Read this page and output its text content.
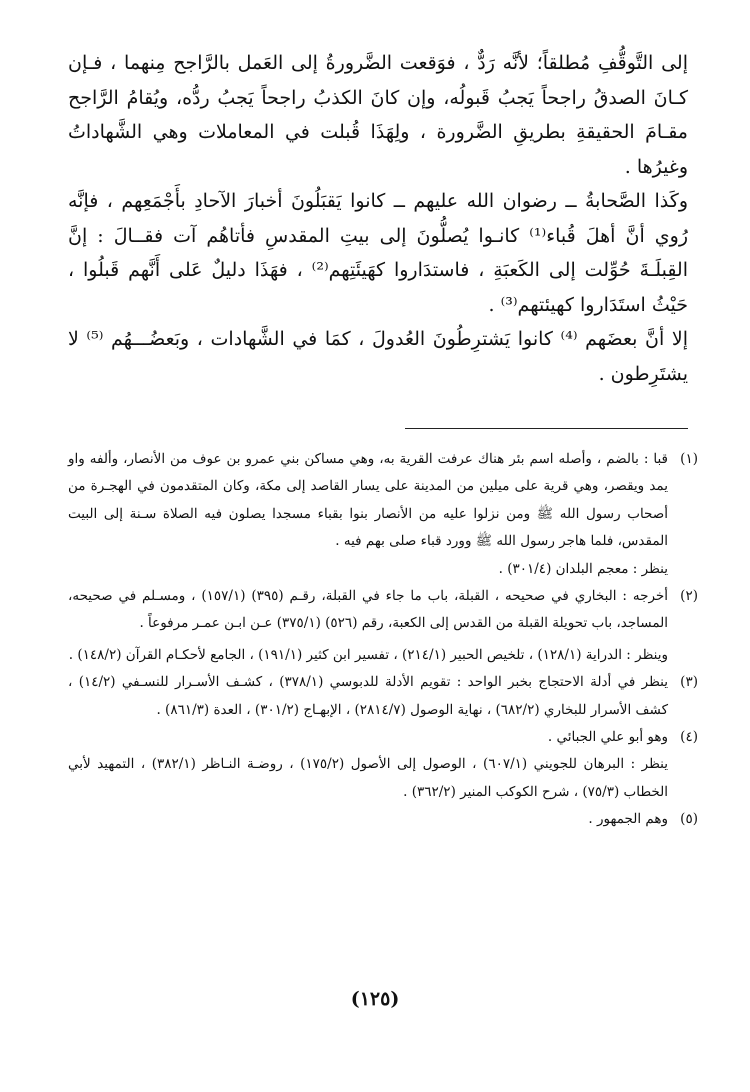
إلى التَّوقُّفِ مُطلقاً؛ لأنَّه رَدٌّ ، فوَقعت الضَّرورةُ إلى العَمل بالرَّاجح مِنهما ، فـإن كـانَ الصدقُ راجحاً يَجبُ قَبولُه، وإن كانَ الكذبُ راجحاً يَجبُ ردُّه، ويُقامُ الرَّاجح مقـامَ الحقيقةِ بطريقِ الضَّرورة ، ولِهَذَا قُبلت في المعاملات وهي الشَّهاداتُ وغيرُها .

وكَذا الصَّحابةُ ــ رضوان الله عليهم ــ كانوا يَقبَلُونَ أخبارَ الآحادِ بأَجْمَعِهم ، فإنَّه رُوي أنَّ أهلَ قُباء⁽¹⁾ كانـوا يُصلُّونَ إلى بيتِ المقدسِ فأتاهُم آت فقــالَ : إنَّ القِبلَـةَ حُوِّلت إلى الكَعبَةِ ، فاستدَاروا كهَيئَتِهم⁽²⁾ ، فهَذَا دليلٌ عَلى أَنَّهم قَبلُوا ، حَيْثُ استَدَاروا كهيئتهم⁽³⁾ .

إلا أنَّ بعضَهم ⁽⁴⁾ كانوا يَشترِطُونَ العُدولَ ، كمَا في الشَّهادات ، وبَعضُـــهُم ⁽⁵⁾ لا يشتَرِطون .

(١)

قبا : بالضم ، وأصله اسم بئر هناك عرفت القرية به، وهي مساكن بني عمرو بن عوف من الأنصار، وألفه واو يمد ويقصر، وهي قرية على ميلين من المدينة على يسار القاصد إلى مكة، وكان المتقدمون في الهجـرة من أصحاب رسول الله ﷺ ومن نزلوا عليه من الأنصار بنوا بقباء مسجدا يصلون فيه الصلاة سـنة إلى البيت المقدس، فلما هاجر رسول الله ﷺ وورد قباء صلى بهم فيه .

ينظر : معجم البلدان (٣٠١/٤) .

(٢)

أخرجه : البخاري في صحيحه ، القبلة، باب ما جاء في القبلة، رقـم (٣٩٥) (١٥٧/١) ، ومسـلم في صحيحه، المساجد، باب تحويلة القبلة من القدس إلى الكعبة، رقم (٥٢٦) (٣٧٥/١) عـن ابـن عمـر مرفوعاً .

وينظر : الدراية (١٢٨/١) ، تلخيص الحبير (٢١٤/١) ، تفسير ابن كثير (١٩١/١) ، الجامع لأحكـام القرآن (١٤٨/٢) .

(٣)

ينظر في أدلة الاحتجاج بخبر الواحد : تقويم الأدلة للدبوسي (٣٧٨/١) ، كشـف الأسـرار للنسـفي (١٤/٢) ، كشف الأسرار للبخاري (٦٨٢/٢) ، نهاية الوصول (٢٨١٤/٧) ، الإبهـاج (٣٠١/٢) ، العدة (٨٦١/٣) .

(٤)

وهو أبو علي الجبائي .

ينظر : البرهان للجويني (٦٠٧/١) ، الوصول إلى الأصول (١٧٥/٢) ، روضـة النـاظر (٣٨٢/١) ، التمهيد لأبي الخطاب (٧٥/٣) ، شرح الكوكب المنير (٣٦٢/٢) .

(٥)

وهم الجمهور .

(١٢٥)
